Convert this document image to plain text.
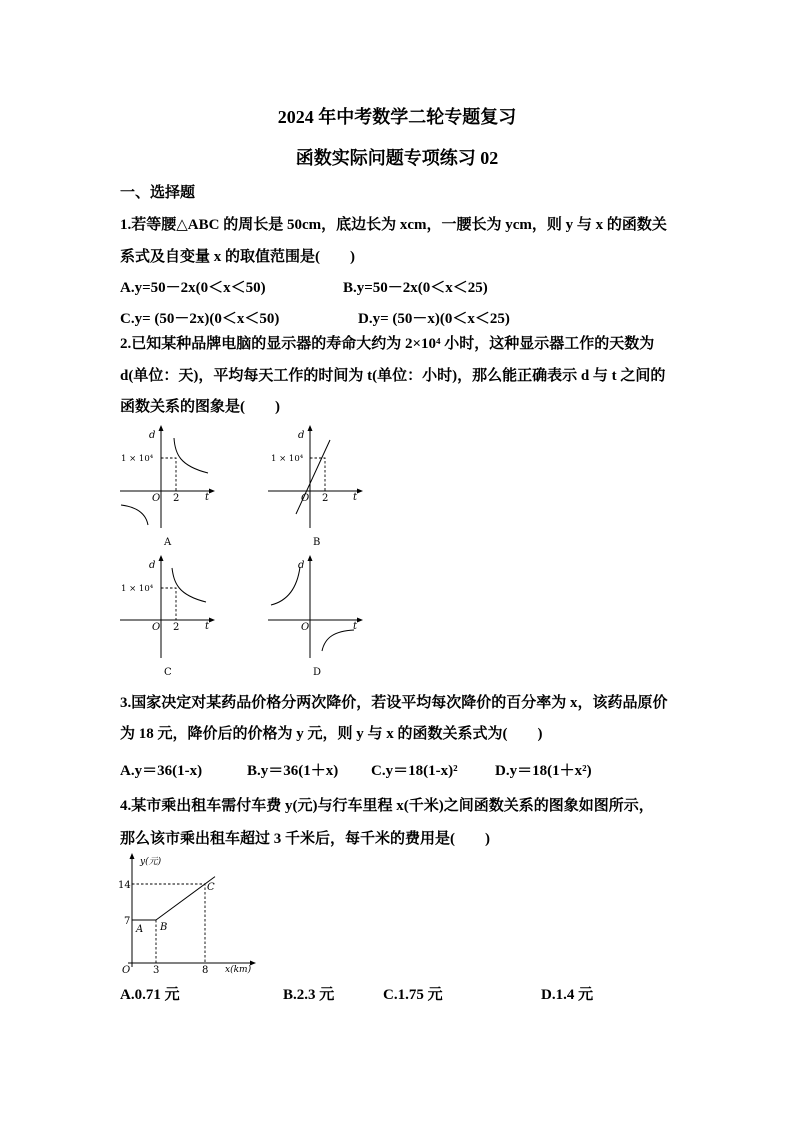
2024 年中考数学二轮专题复习
函数实际问题专项练习 02
一、选择题
1.若等腰△ABC 的周长是 50cm，底边长为 xcm，一腰长为 ycm，则 y 与 x 的函数关
系式及自变量 x 的取值范围是(        )
A.y=50－2x(0＜x＜50)	B.y=50－2x(0＜x＜25)
C.y= (50－2x)(0＜x＜50)	D.y= (50－x)(0＜x＜25)
2.已知某种品牌电脑的显示器的寿命大约为 2×10⁴ 小时，这种显示器工作的天数为
d(单位：天)，平均每天工作的时间为 t(单位：小时)，那么能正确表示 d 与 t 之间的
函数关系的图象是(        )
d
1 × 10⁴
O 2	t
A
d
1 × 10⁴
O 2 t
B
d
1 × 10⁴
O 2	t
C
d
O	t
D
3.国家决定对某药品价格分两次降价，若设平均每次降价的百分率为 x，该药品原价
为 18 元，降价后的价格为 y 元，则 y 与 x 的函数关系式为(        )
A.y＝36(1-x)	B.y＝36(1＋x) C.y＝18(1-x)² D.y＝18(1＋x²)
4.某市乘出租车需付车费 y(元)与行车里程 x(千米)之间函数关系的图象如图所示，
那么该市乘出租车超过 3 千米后，每千米的费用是(        )
y(元)
x(km)
14
7
3	8
O
A B
C
A.0.71 元	B.2.3 元	C.1.75 元	D.1.4 元
